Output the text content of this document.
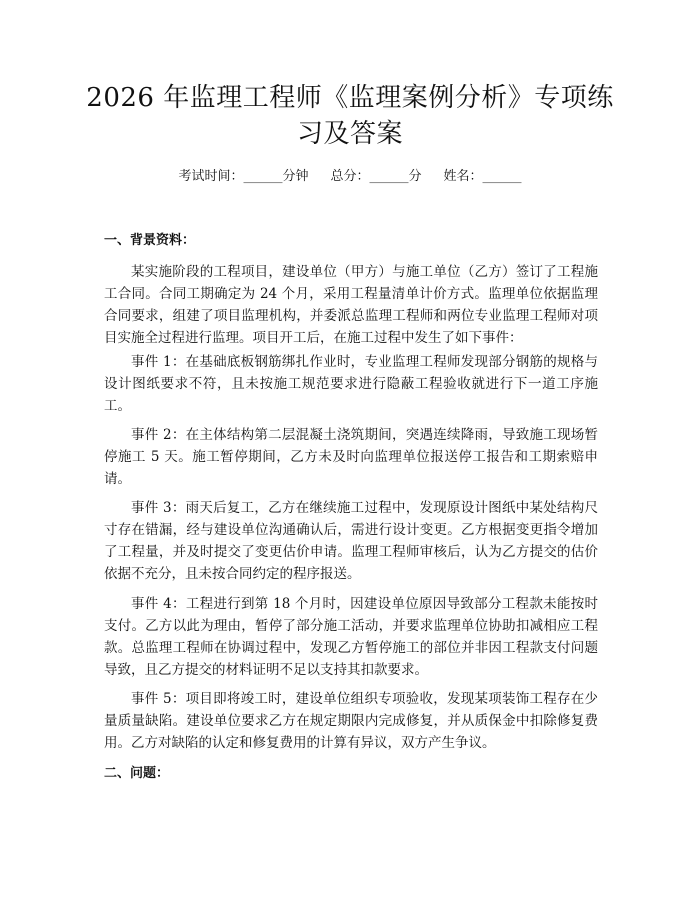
2026 年监理工程师《监理案例分析》专项练
习及答案
考试时间：______分钟 总分：______分 姓名：______
一、背景资料：

某实施阶段的工程项目，建设单位（甲方）与施工单位（乙方）签订了工程施工合同。合同工期确定为 24 个月，采用工程量清单计价方式。监理单位依据监理合同要求，组建了项目监理机构，并委派总监理工程师和两位专业监理工程师对项目实施全过程进行监理。项目开工后，在施工过程中发生了如下事件：

事件 1：在基础底板钢筋绑扎作业时，专业监理工程师发现部分钢筋的规格与设计图纸要求不符，且未按施工规范要求进行隐蔽工程验收就进行下一道工序施工。

事件 2：在主体结构第二层混凝土浇筑期间，突遇连续降雨，导致施工现场暂停施工 5 天。施工暂停期间，乙方未及时向监理单位报送停工报告和工期索赔申请。

事件 3：雨天后复工，乙方在继续施工过程中，发现原设计图纸中某处结构尺寸存在错漏，经与建设单位沟通确认后，需进行设计变更。乙方根据变更指令增加了工程量，并及时提交了变更估价申请。监理工程师审核后，认为乙方提交的估价依据不充分，且未按合同约定的程序报送。

事件 4：工程进行到第 18 个月时，因建设单位原因导致部分工程款未能按时支付。乙方以此为理由，暂停了部分施工活动，并要求监理单位协助扣减相应工程款。总监理工程师在协调过程中，发现乙方暂停施工的部位并非因工程款支付问题导致，且乙方提交的材料证明不足以支持其扣款要求。

事件 5：项目即将竣工时，建设单位组织专项验收，发现某项装饰工程存在少量质量缺陷。建设单位要求乙方在规定期限内完成修复，并从质保金中扣除修复费用。乙方对缺陷的认定和修复费用的计算有异议，双方产生争议。

二、问题：
